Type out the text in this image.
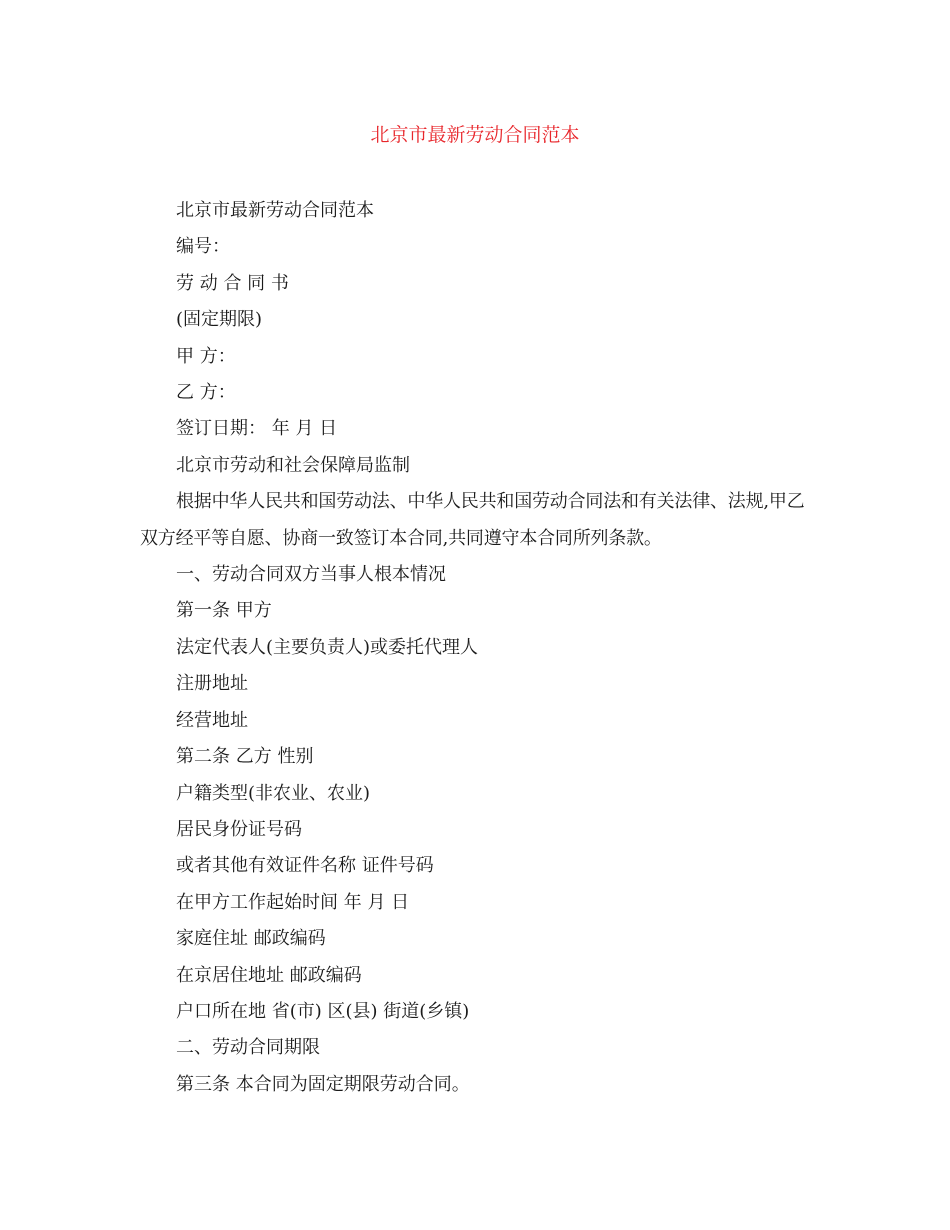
北京市最新劳动合同范本

北京市最新劳动合同范本

编号：

劳 动 合 同 书

(固定期限)

甲 方：

乙 方：

签订日期： 年 月 日

北京市劳动和社会保障局监制

根据中华人民共和国劳动法、中华人民共和国劳动合同法和有关法律、法规,甲乙双方经平等自愿、协商一致签订本合同,共同遵守本合同所列条款。

一、劳动合同双方当事人根本情况

第一条 甲方

法定代表人(主要负责人)或委托代理人

注册地址

经营地址

第二条 乙方 性别

户籍类型(非农业、农业)

居民身份证号码

或者其他有效证件名称 证件号码

在甲方工作起始时间 年 月 日

家庭住址 邮政编码

在京居住地址 邮政编码

户口所在地 省(市) 区(县) 街道(乡镇)

二、劳动合同期限

第三条 本合同为固定期限劳动合同。
